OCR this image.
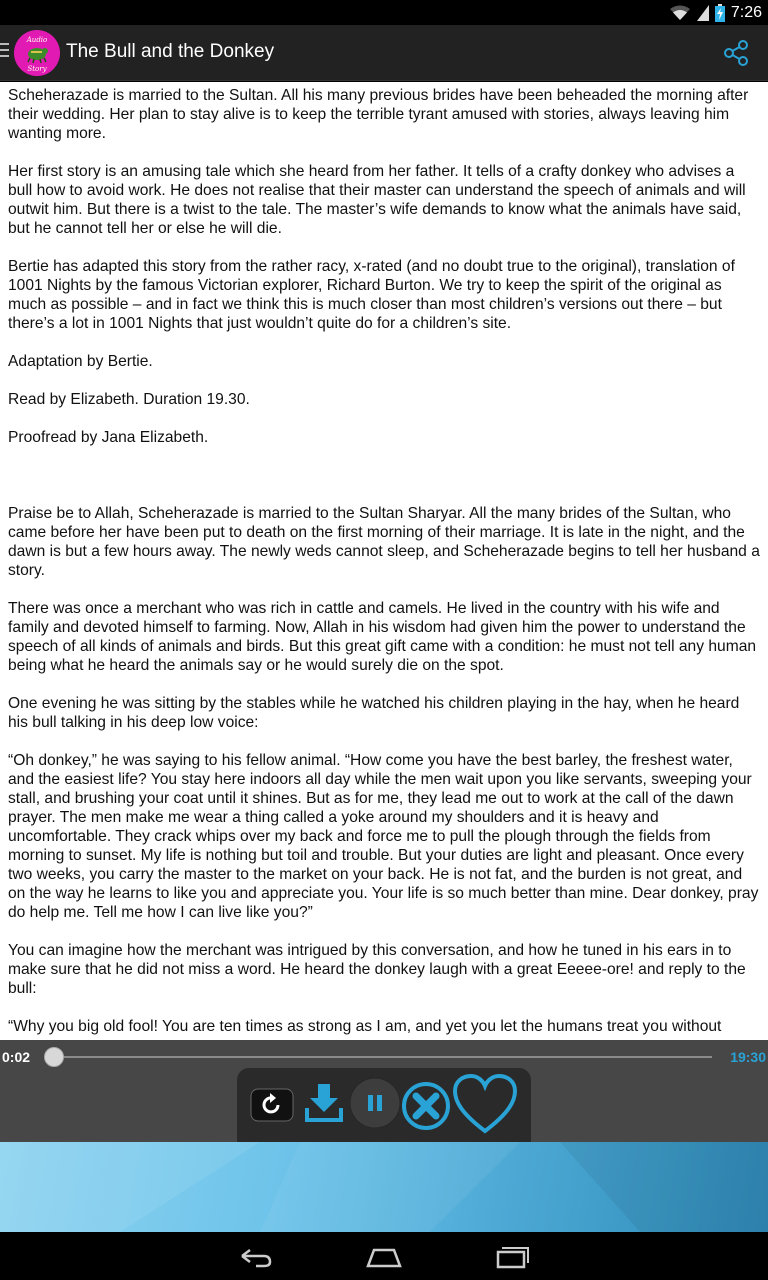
7:26
Audio
Story
The Bull and the Donkey

Scheherazade is married to the Sultan. All his many previous brides have been beheaded the morning after their wedding. Her plan to stay alive is to keep the terrible tyrant amused with stories, always leaving him wanting more.

Her first story is an amusing tale which she heard from her father. It tells of a crafty donkey who advises a bull how to avoid work. He does not realise that their master can understand the speech of animals and will outwit him. But there is a twist to the tale. The master’s wife demands to know what the animals have said, but he cannot tell her or else he will die.

Bertie has adapted this story from the rather racy, x-rated (and no doubt true to the original), translation of 1001 Nights by the famous Victorian explorer, Richard Burton. We try to keep the spirit of the original as much as possible – and in fact we think this is much closer than most children’s versions out there – but there’s a lot in 1001 Nights that just wouldn’t quite do for a children’s site.

Adaptation by Bertie.

Read by Elizabeth. Duration 19.30.

Proofread by Jana Elizabeth.

Praise be to Allah, Scheherazade is married to the Sultan Sharyar. All the many brides of the Sultan, who came before her have been put to death on the first morning of their marriage. It is late in the night, and the dawn is but a few hours away. The newly weds cannot sleep, and Scheherazade begins to tell her husband a story.

There was once a merchant who was rich in cattle and camels. He lived in the country with his wife and family and devoted himself to farming. Now, Allah in his wisdom had given him the power to understand the speech of all kinds of animals and birds. But this great gift came with a condition: he must not tell any human being what he heard the animals say or he would surely die on the spot.

One evening he was sitting by the stables while he watched his children playing in the hay, when he heard his bull talking in his deep low voice:

“Oh donkey,” he was saying to his fellow animal. “How come you have the best barley, the freshest water, and the easiest life? You stay here indoors all day while the men wait upon you like servants, sweeping your stall, and brushing your coat until it shines. But as for me, they lead me out to work at the call of the dawn prayer. The men make me wear a thing called a yoke around my shoulders and it is heavy and uncomfortable. They crack whips over my back and force me to pull the plough through the fields from morning to sunset. My life is nothing but toil and trouble. But your duties are light and pleasant. Once every two weeks, you carry the master to the market on your back. He is not fat, and the burden is not great, and on the way he learns to like you and appreciate you. Your life is so much better than mine. Dear donkey, pray do help me. Tell me how I can live like you?”

You can imagine how the merchant was intrigued by this conversation, and how he tuned in his ears in to make sure that he did not miss a word. He heard the donkey laugh with a great Eeeee-ore! and reply to the bull:

“Why you big old fool! You are ten times as strong as I am, and yet you let the humans treat you without

0:02	19:30
